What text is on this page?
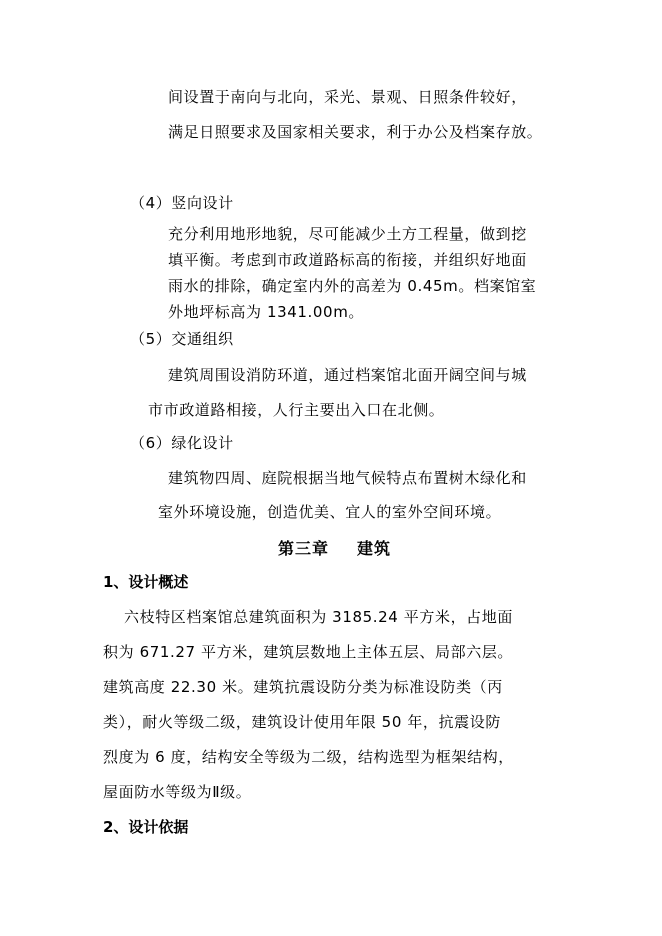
间设置于南向与北向，采光、景观、日照条件较好，
满足日照要求及国家相关要求，利于办公及档案存放。
（4）竖向设计
充分利用地形地貌，尽可能减少土方工程量，做到挖
填平衡。考虑到市政道路标高的衔接，并组织好地面
雨水的排除，确定室内外的高差为 0.45m。档案馆室
外地坪标高为 1341.00m。
（5）交通组织
建筑周围设消防环道，通过档案馆北面开阔空间与城
市市政道路相接，人行主要出入口在北侧。
（6）绿化设计
建筑物四周、庭院根据当地气候特点布置树木绿化和
室外环境设施，创造优美、宜人的室外空间环境。
第三章 建筑
1、设计概述
六枝特区档案馆总建筑面积为 3185.24 平方米，占地面
积为 671.27 平方米，建筑层数地上主体五层、局部六层。
建筑高度 22.30 米。建筑抗震设防分类为标准设防类（丙
类），耐火等级二级，建筑设计使用年限 50 年，抗震设防
烈度为 6 度，结构安全等级为二级，结构选型为框架结构，
屋面防水等级为Ⅱ级。
2、设计依据
